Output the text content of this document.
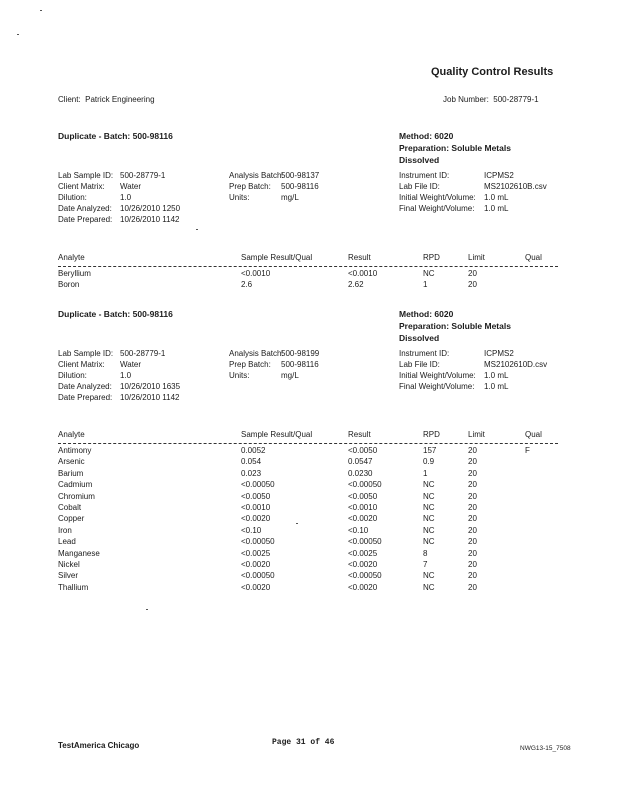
Quality Control Results
Client: Patrick Engineering	Job Number: 500-28779-1
Duplicate - Batch: 500-98116	Method: 6020
Preparation: Soluble Metals
Dissolved
Lab Sample ID: 500-28779-1
Client Matrix: Water
Dilution:	1.0
Date Analyzed: 10/26/2010 1250
Date Prepared: 10/26/2010 1142
Analysis Batch:
500-98137
Prep Batch: 500-98116
Units:	mg/L
Instrument ID:	ICPMS2
Lab File ID:	MS2102610B.csv
Initial Weight/Volume: 1.0 mL
Final Weight/Volume: 1.0 mL
Analyte	Sample Result/Qual	Result	RPD	Limit	Qual
Beryllium	<0.0010	<0.0010	NC	20
Boron	2.6	2.62	1	20
Duplicate - Batch: 500-98116	Method: 6020
Preparation: Soluble Metals
Dissolved
Lab Sample ID: 500-28779-1
Client Matrix: Water
Dilution:	1.0
Date Analyzed: 10/26/2010 1635
Date Prepared: 10/26/2010 1142
Analysis Batch:
500-98199
Prep Batch: 500-98116
Units:	mg/L
Instrument ID:	ICPMS2
Lab File ID:	MS2102610D.csv
Initial Weight/Volume: 1.0 mL
Final Weight/Volume: 1.0 mL
Analyte	Sample Result/Qual	Result	RPD	Limit	Qual
Antimony	0.0052	<0.0050	157	20	F
Arsenic	0.054	0.0547	0.9	20
Barium	0.023	0.0230	1	20
Cadmium	<0.00050	<0.00050	NC	20
Chromium	<0.0050	<0.0050	NC	20
Cobalt	<0.0010	<0.0010	NC	20
Copper	<0.0020	<0.0020	NC	20
Iron	<0.10	<0.10	NC	20
Lead	<0.00050	<0.00050	NC	20
Manganese	<0.0025	<0.0025	8	20
Nickel	<0.0020	<0.0020	7	20
Silver	<0.00050	<0.00050	NC	20
Thallium	<0.0020	<0.0020	NC	20
TestAmerica Chicago	Page 31 of 46
NWG13-15_7508
